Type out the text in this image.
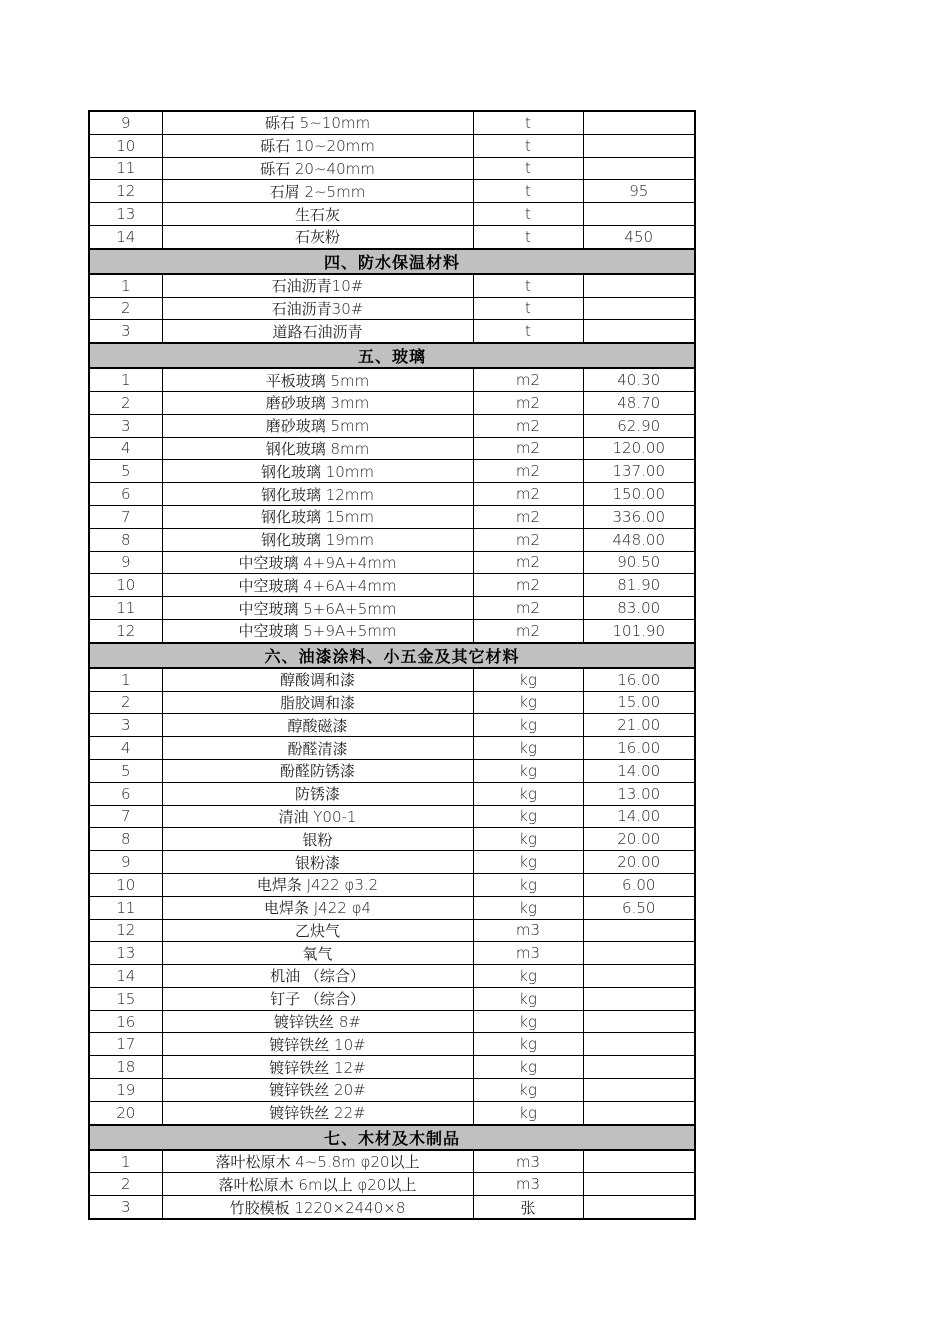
9	砾石 5~10mm	t	
10	砾石 10~20mm	t	
11	砾石 20~40mm	t	
12	石屑 2~5mm	t	95
13	生石灰	t	
14	石灰粉	t	450
四、防水保温材料			
1	石油沥青10#	t	
2	石油沥青30#	t	
3	道路石油沥青	t	
五、玻璃			
1	平板玻璃 5mm	m2	40.30
2	磨砂玻璃 3mm	m2	48.70
3	磨砂玻璃 5mm	m2	62.90
4	钢化玻璃 8mm	m2	120.00
5	钢化玻璃 10mm	m2	137.00
6	钢化玻璃 12mm	m2	150.00
7	钢化玻璃 15mm	m2	336.00
8	钢化玻璃 19mm	m2	448.00
9	中空玻璃 4+9A+4mm	m2	90.50
10	中空玻璃 4+6A+4mm	m2	81.90
11	中空玻璃 5+6A+5mm	m2	83.00
12	中空玻璃 5+9A+5mm	m2	101.90
六、油漆涂料、小五金及其它材料			
1	醇酸调和漆	kg	16.00
2	脂胶调和漆	kg	15.00
3	醇酸磁漆	kg	21.00
4	酚醛清漆	kg	16.00
5	酚醛防锈漆	kg	14.00
6	防锈漆	kg	13.00
7	清油 Y00-1	kg	14.00
8	银粉	kg	20.00
9	银粉漆	kg	20.00
10	电焊条 J422 φ3.2	kg	6.00
11	电焊条 J422 φ4	kg	6.50
12	乙炔气	m3	
13	氧气	m3	
14	机油 （综合）	kg	
15	钉子 （综合）	kg	
16	镀锌铁丝 8#	kg	
17	镀锌铁丝 10#	kg	
18	镀锌铁丝 12#	kg	
19	镀锌铁丝 20#	kg	
20	镀锌铁丝 22#	kg	
七、木材及木制品			
1	落叶松原木 4~5.8m φ20以上	m3	
2	落叶松原木 6m以上 φ20以上	m3	
3	竹胶模板 1220×2440×8	张	
